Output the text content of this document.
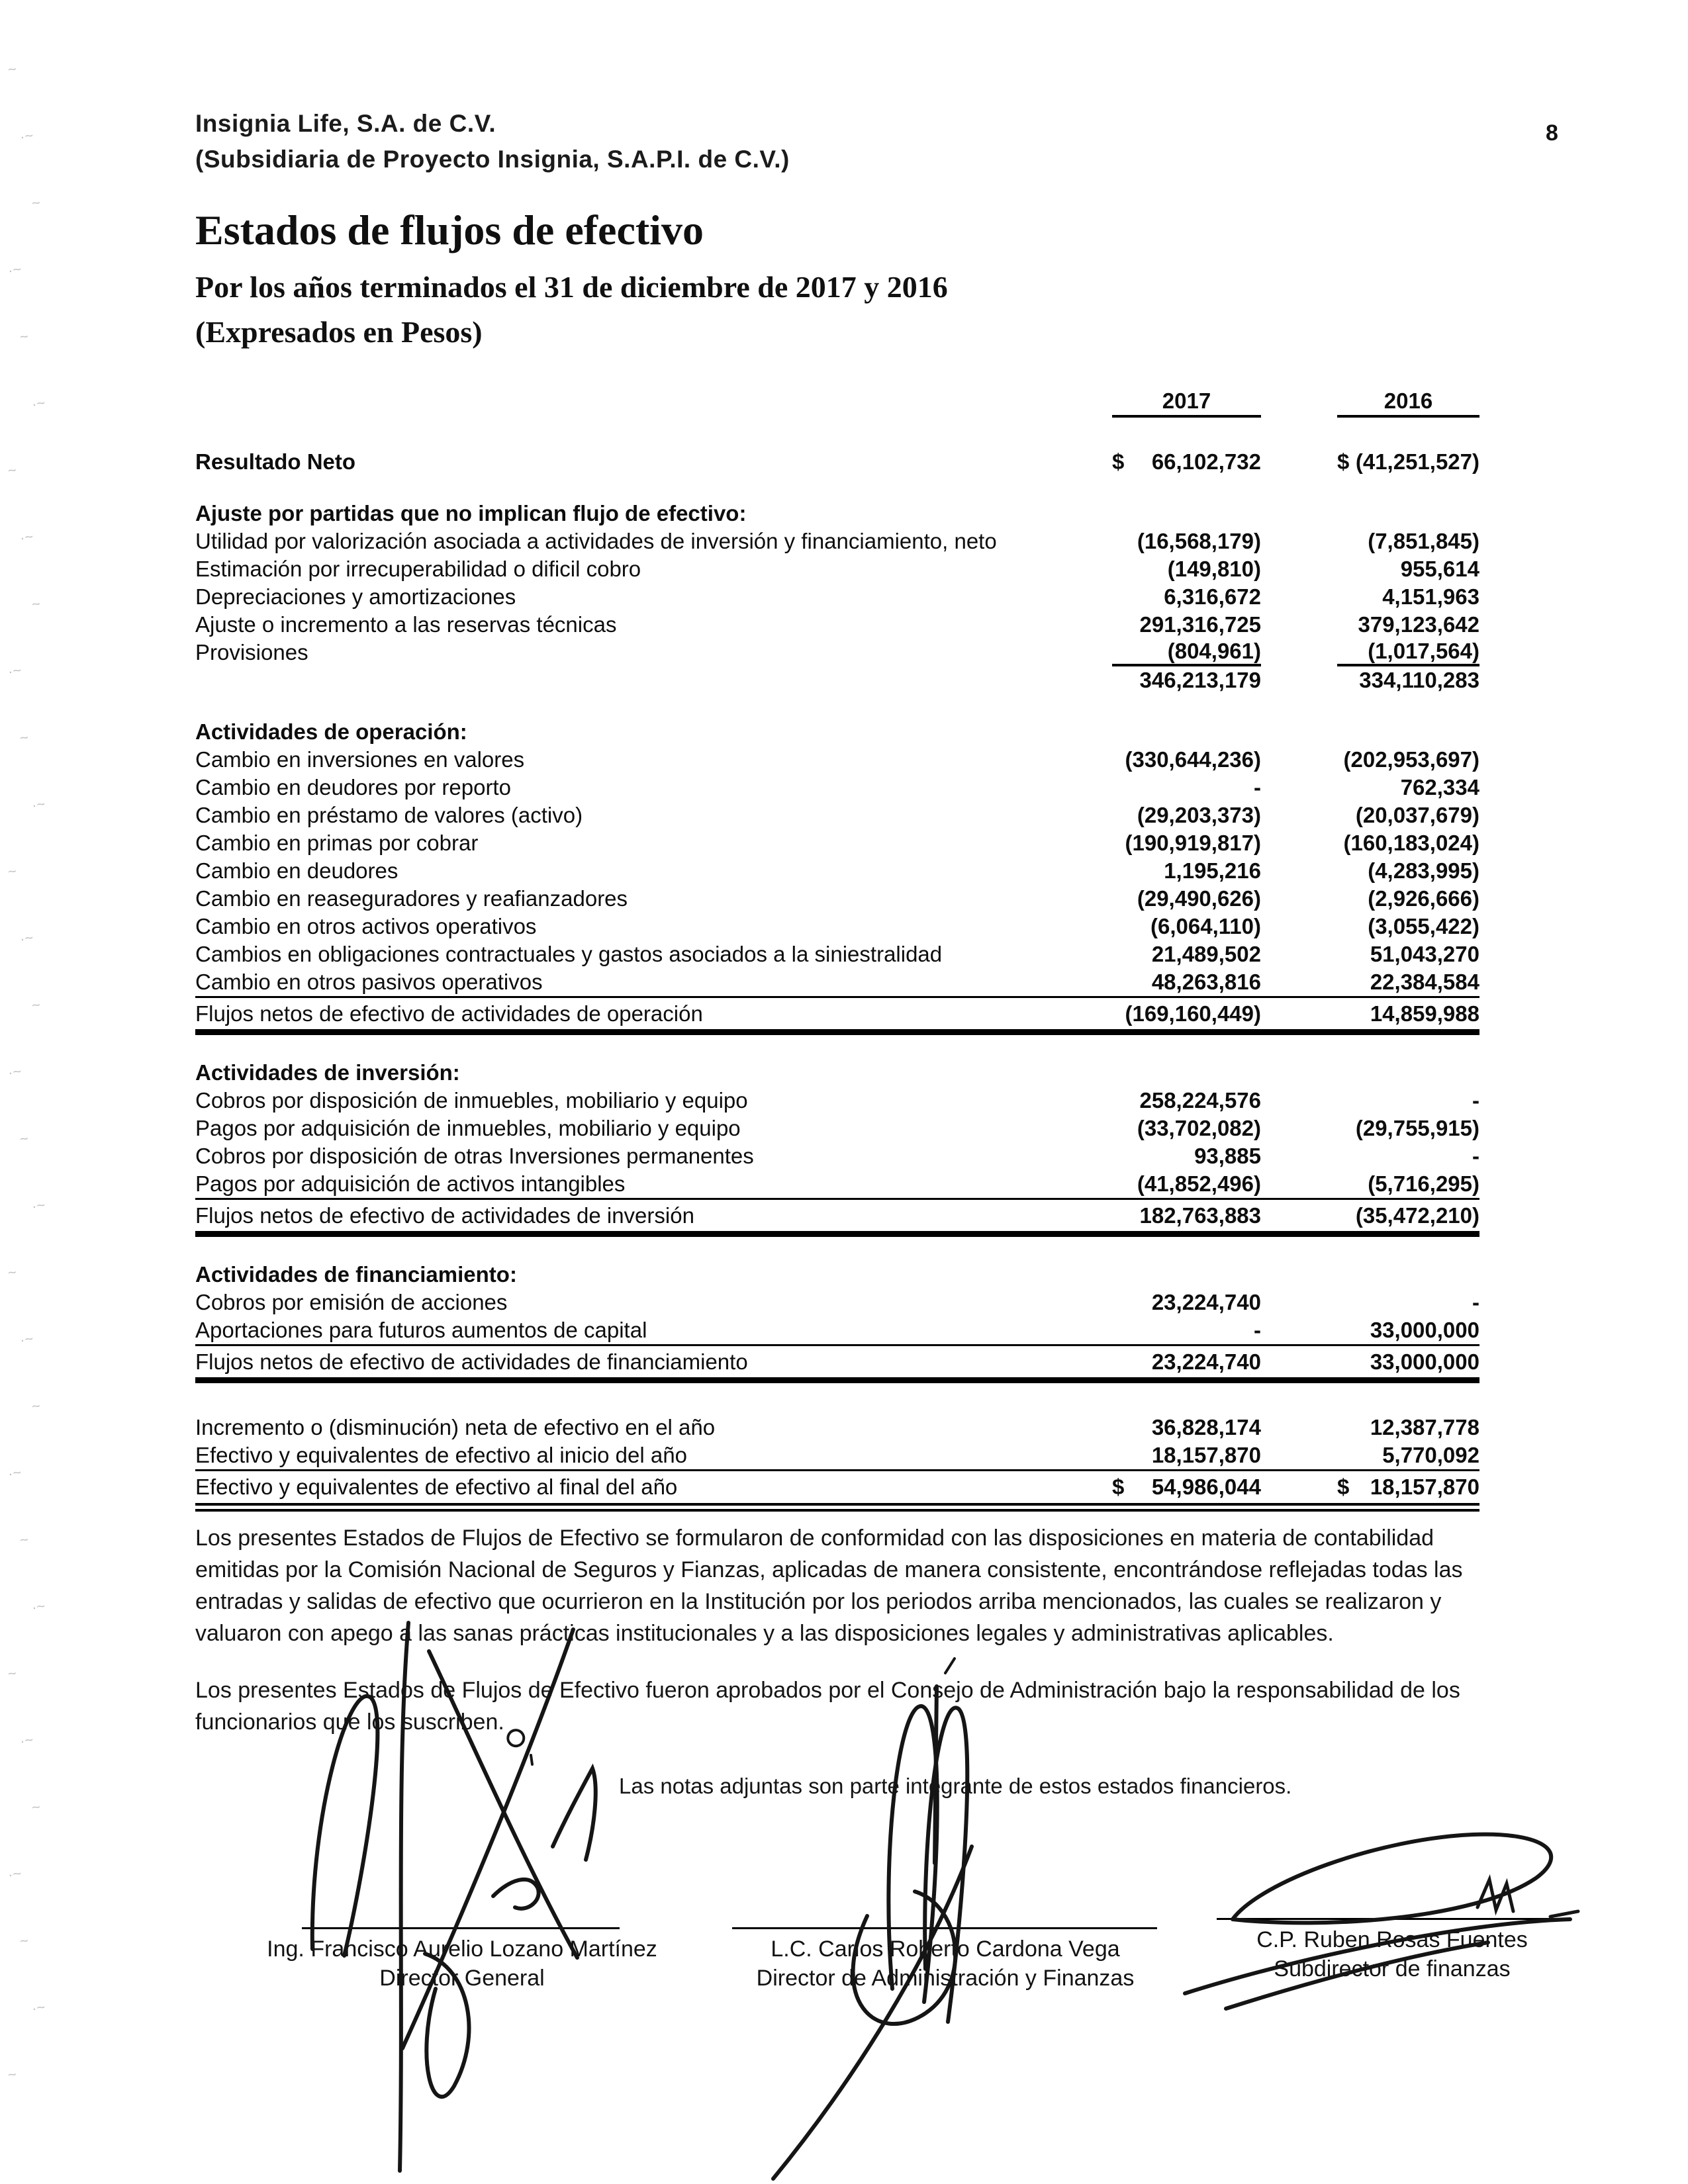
Insignia Life, S.A. de C.V.
(Subsidiaria de Proyecto Insignia, S.A.P.I. de C.V.)
8
Estados de flujos de efectivo
Por los años terminados el 31 de diciembre de 2017 y 2016
(Expresados en Pesos)
2017	2016
Resultado Neto	$ 66,102,732	$ (41,251,527)
Ajuste por partidas que no implican flujo de efectivo:
Utilidad por valorización asociada a actividades de inversión y financiamiento, neto	(16,568,179)	(7,851,845)
Estimación por irrecuperabilidad o dificil cobro	(149,810)	955,614
Depreciaciones y amortizaciones	6,316,672	4,151,963
Ajuste o incremento a las reservas técnicas	291,316,725	379,123,642
Provisiones	(804,961)	(1,017,564)
346,213,179	334,110,283
Actividades de operación:
Cambio en inversiones en valores	(330,644,236)	(202,953,697)
Cambio en deudores por reporto	-	762,334
Cambio en préstamo de valores (activo)	(29,203,373)	(20,037,679)
Cambio en primas por cobrar	(190,919,817)	(160,183,024)
Cambio en deudores	1,195,216	(4,283,995)
Cambio en reaseguradores y reafianzadores	(29,490,626)	(2,926,666)
Cambio en otros activos operativos	(6,064,110)	(3,055,422)
Cambios en obligaciones contractuales y gastos asociados a la siniestralidad	21,489,502	51,043,270
Cambio en otros pasivos operativos	48,263,816	22,384,584
Flujos netos de efectivo de actividades de operación	(169,160,449)	14,859,988
Actividades de inversión:
Cobros por disposición de inmuebles, mobiliario y equipo	258,224,576	-
Pagos por adquisición de inmuebles, mobiliario y equipo	(33,702,082)	(29,755,915)
Cobros por disposición de otras Inversiones permanentes	93,885	-
Pagos por adquisición de activos intangibles	(41,852,496)	(5,716,295)
Flujos netos de efectivo de actividades de inversión	182,763,883	(35,472,210)
Actividades de financiamiento:
Cobros por emisión de acciones	23,224,740	-
Aportaciones para futuros aumentos de capital	-	33,000,000
Flujos netos de efectivo de actividades de financiamiento	23,224,740	33,000,000
Incremento o (disminución) neta de efectivo en el año	36,828,174	12,387,778
Efectivo y equivalentes de efectivo al inicio del año	18,157,870	5,770,092
Efectivo y equivalentes de efectivo al final del año	$ 54,986,044	$ 18,157,870

Los presentes Estados de Flujos de Efectivo se formularon de conformidad con las disposiciones en materia de contabilidad emitidas por la Comisión Nacional de Seguros y Fianzas, aplicadas de manera consistente, encontrándose reflejadas todas las entradas y salidas de efectivo que ocurrieron en la Institución por los periodos arriba mencionados, las cuales se realizaron y valuaron con apego a las sanas prácticas institucionales y a las disposiciones legales y administrativas aplicables.

Los presentes Estados de Flujos de Efectivo fueron aprobados por el Consejo de Administración bajo la responsabilidad de los funcionarios que los suscriben.

Las notas adjuntas son parte integrante de estos estados financieros.
Ing. Francisco Aurelio Lozano Martínez
Director General
L.C. Carlos Roberto Cardona Vega
Director de Administración y Finanzas
C.P. Ruben Rosas Fuentes
Subdirector de finanzas
~
·~
~
·~
~
·~
~
·~
~
·~
~
·~
~
·~
~
·~
~
·~
~
·~
~
·~
~
·~
~
·~
~
·~
~
·~
~
